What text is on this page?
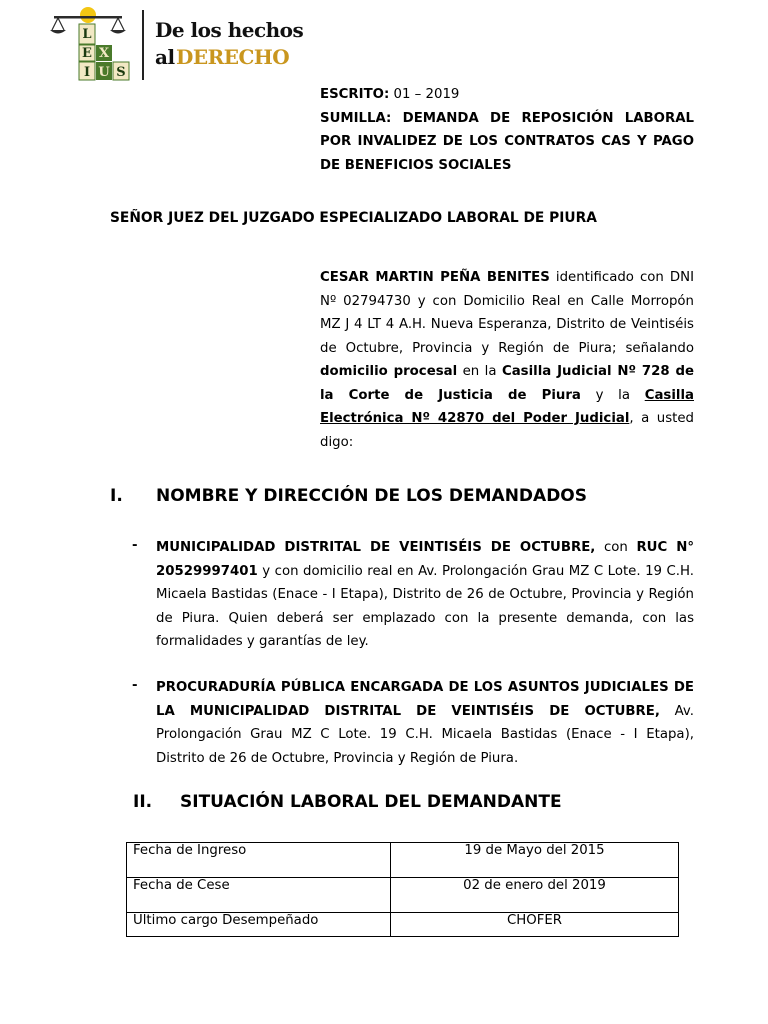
L
E X
I U S
De los hechos
al DERECHO
ESCRITO: 01 – 2019
SUMILLA: DEMANDA DE REPOSICIÓN LABORAL POR INVALIDEZ DE LOS CONTRATOS CAS Y PAGO DE BENEFICIOS SOCIALES
SEÑOR JUEZ DEL JUZGADO ESPECIALIZADO LABORAL DE PIURA
CESAR MARTIN PEÑA BENITES identificado con DNI Nº 02794730 y con Domicilio Real en Calle Morropón MZ J 4 LT 4 A.H. Nueva Esperanza, Distrito de Veintiséis de Octubre, Provincia y Región de Piura; señalando domicilio procesal en la Casilla Judicial Nº 728 de la Corte de Justicia de Piura y la Casilla Electrónica Nº 42870 del Poder Judicial, a usted digo:
I. NOMBRE Y DIRECCIÓN DE LOS DEMANDADOS
- MUNICIPALIDAD DISTRITAL DE VEINTISÉIS DE OCTUBRE, con RUC N° 20529997401 y con domicilio real en Av. Prolongación Grau MZ C Lote. 19 C.H. Micaela Bastidas (Enace - I Etapa), Distrito de 26 de Octubre, Provincia y Región de Piura. Quien deberá ser emplazado con la presente demanda, con las formalidades y garantías de ley.
- PROCURADURÍA PÚBLICA ENCARGADA DE LOS ASUNTOS JUDICIALES DE LA MUNICIPALIDAD DISTRITAL DE VEINTISÉIS DE OCTUBRE, Av. Prolongación Grau MZ C Lote. 19 C.H. Micaela Bastidas (Enace - I Etapa), Distrito de 26 de Octubre, Provincia y Región de Piura.
II. SITUACIÓN LABORAL DEL DEMANDANTE
Fecha de Ingreso	19 de Mayo del 2015
Fecha de Cese	02 de enero del 2019
Ultimo cargo Desempeñado	CHOFER
